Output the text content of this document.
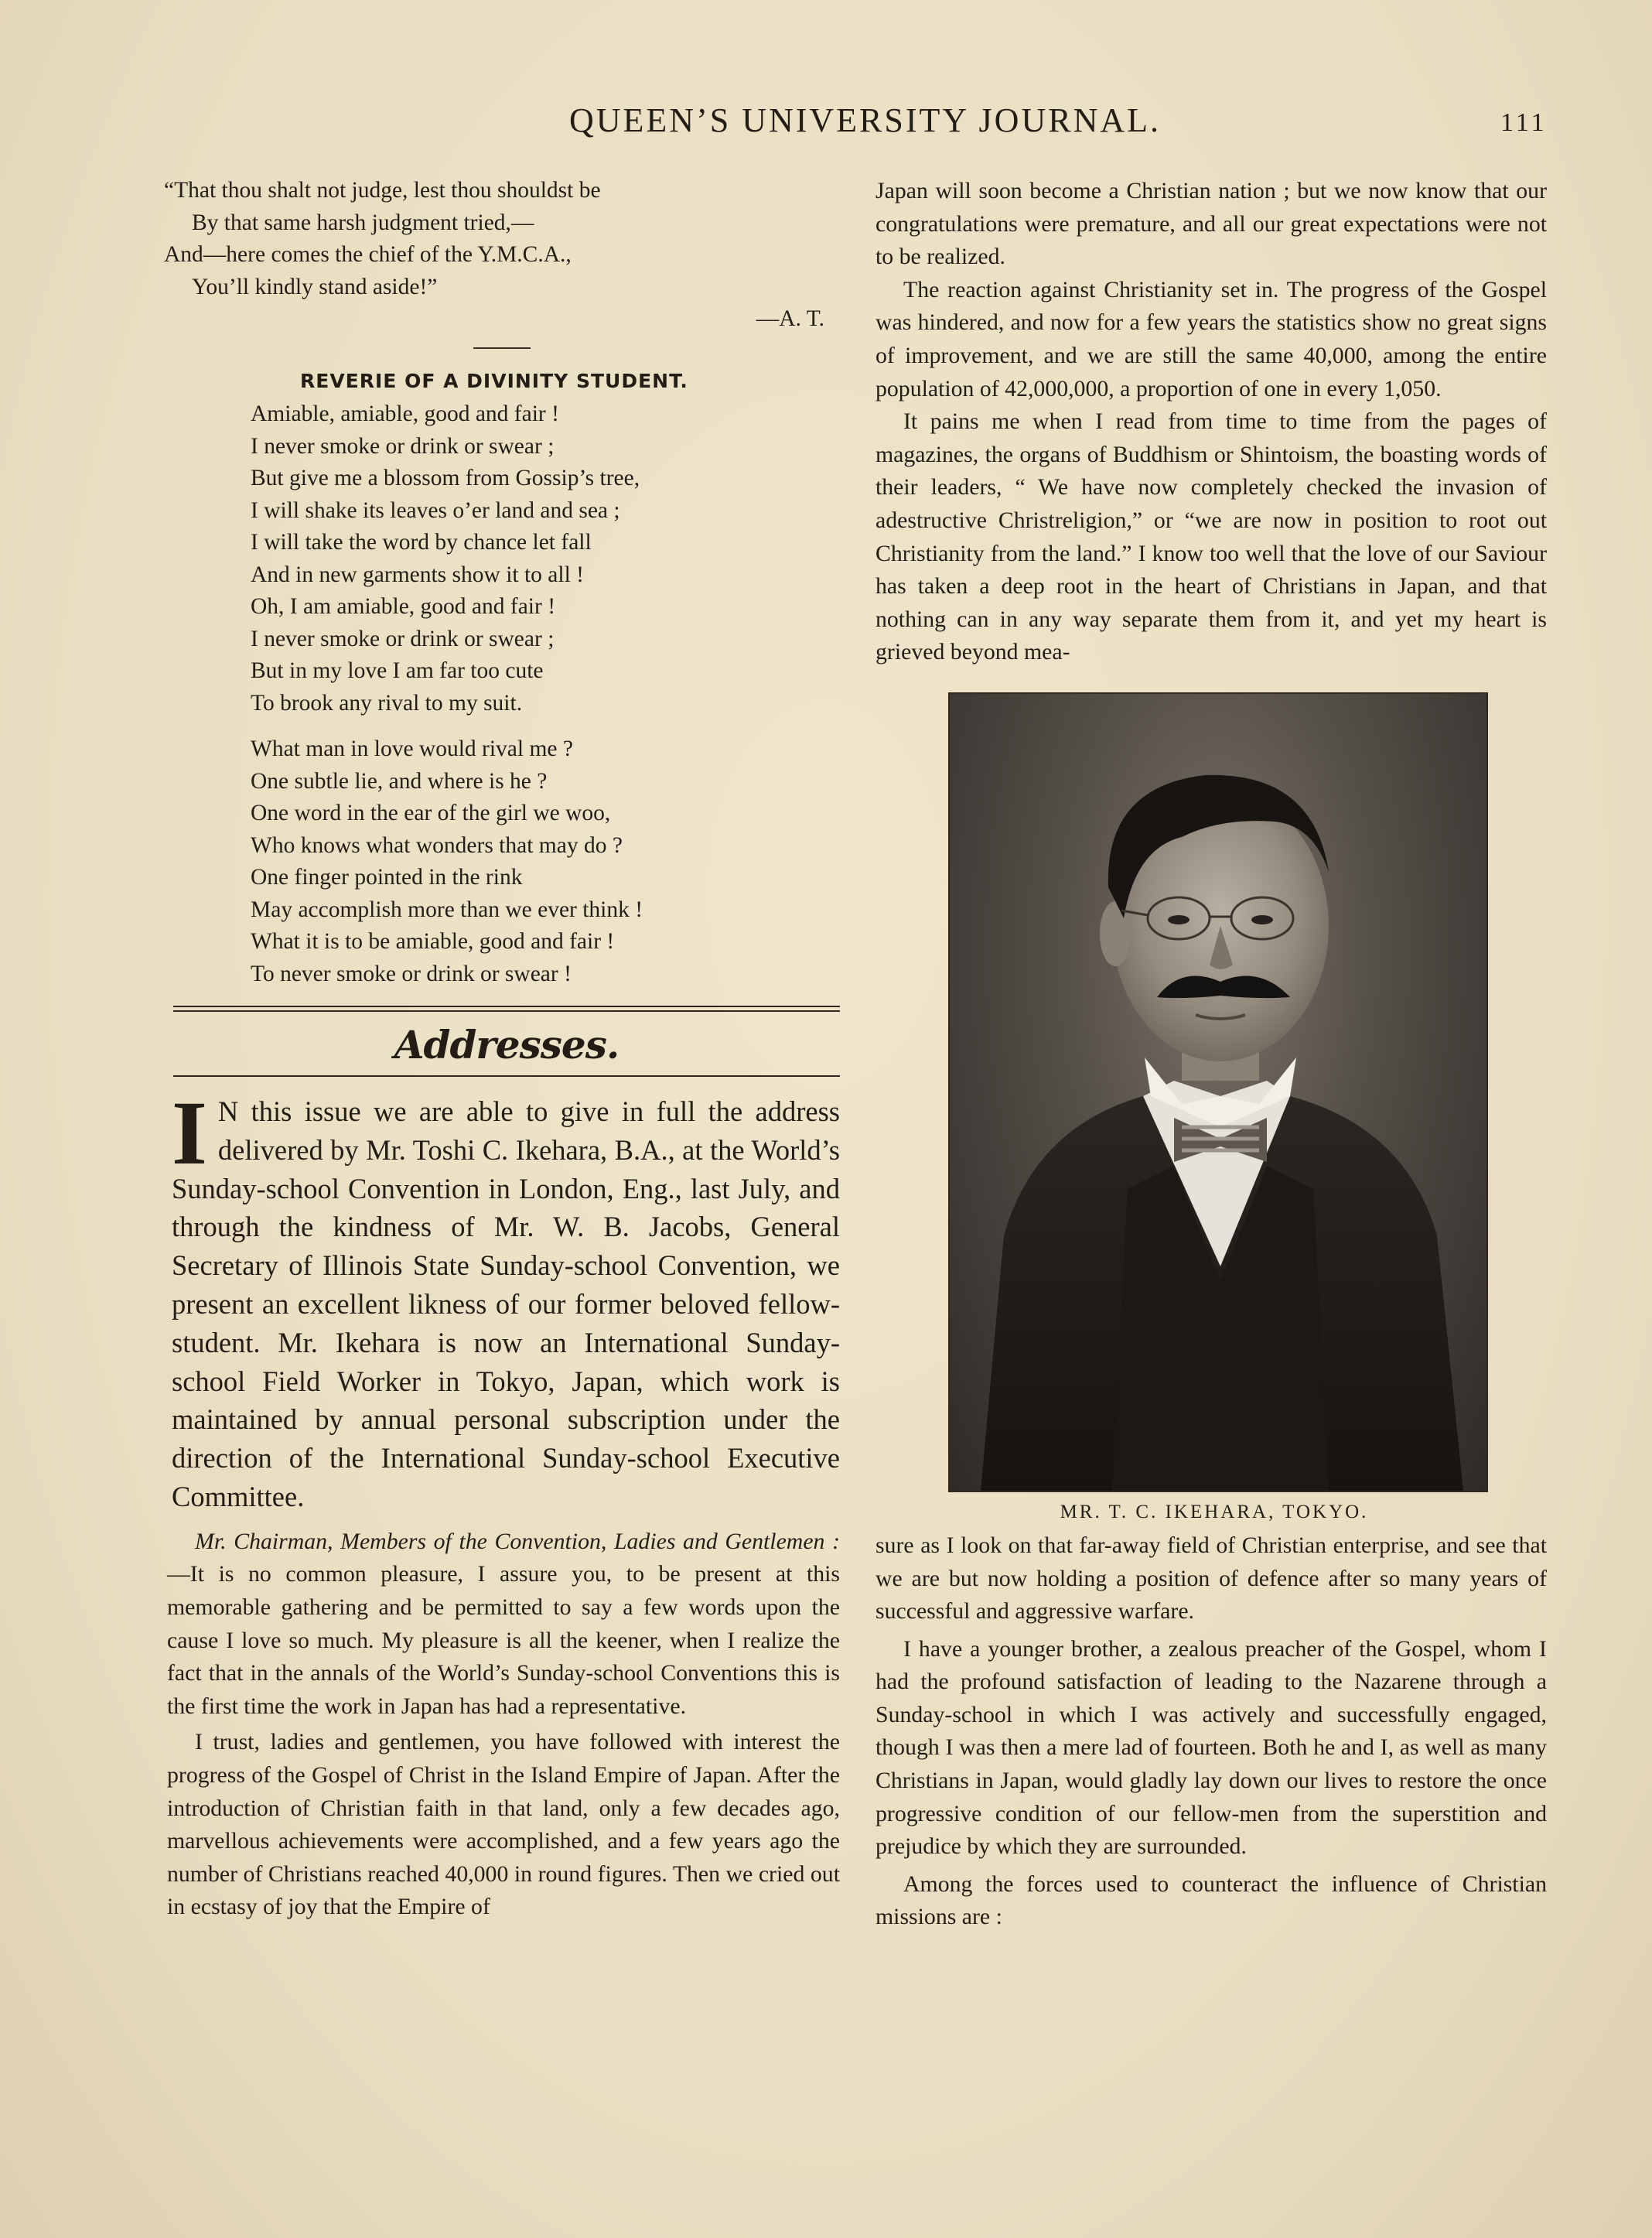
QUEEN’S UNIVERSITY JOURNAL.	111
“That thou shalt not judge, lest thou shouldst be
By that same harsh judgment tried,—
And—here comes the chief of the Y.M.C.A.,
You’ll kindly stand aside!”
—A. T.
REVERIE OF A DIVINITY STUDENT.
Amiable, amiable, good and fair !
I never smoke or drink or swear ;
But give me a blossom from Gossip’s tree,
I will shake its leaves o’er land and sea ;
I will take the word by chance let fall
And in new garments show it to all !
Oh, I am amiable, good and fair !
I never smoke or drink or swear ;
But in my love I am far too cute
To brook any rival to my suit.
What man in love would rival me ?
One subtle lie, and where is he ?
One word in the ear of the girl we woo,
Who knows what wonders that may do ?
One finger pointed in the rink
May accomplish more than we ever think !
What it is to be amiable, good and fair !
To never smoke or drink or swear !
Addresses.
I N this issue we are able to give in full the address delivered by Mr. Toshi C. Ikehara, B.A., at the World’s Sunday-school Convention in London, Eng., last July, and through the kindness of Mr. W. B. Jacobs, General Secretary of Illinois State Sunday-school Convention, we present an excellent likness of our former beloved fellow-student. Mr. Ikehara is now an International Sunday-school Field Worker in Tokyo, Japan, which work is maintained by annual personal subscription under the direction of the International Sunday-school Executive Committee.

Mr. Chairman, Members of the Convention, Ladies and Gentlemen :—It is no common pleasure, I assure you, to be present at this memorable gathering and be permitted to say a few words upon the cause I love so much. My pleasure is all the keener, when I realize the fact that in the annals of the World’s Sunday-school Conventions this is the first time the work in Japan has had a representative.

I trust, ladies and gentlemen, you have followed with interest the progress of the Gospel of Christ in the Island Empire of Japan. After the introduction of Christian faith in that land, only a few decades ago, marvellous achievements were accomplished, and a few years ago the number of Christians reached 40,000 in round figures. Then we cried out in ecstasy of joy that the Empire of

Japan will soon become a Christian nation ; but we now know that our congratulations were premature, and all our great expectations were not to be realized.

The reaction against Christianity set in. The progress of the Gospel was hindered, and now for a few years the statistics show no great signs of improvement, and we are still the same 40,000, among the entire population of 42,000,000, a proportion of one in every 1,050.

It pains me when I read from time to time from the pages of magazines, the organs of Buddhism or Shintoism, the boasting words of their leaders, “ We have now completely checked the invasion of adestructive Christreligion,” or “we are now in position to root out Christianity from the land.” I know too well that the love of our Saviour has taken a deep root in the heart of Christians in Japan, and that nothing can in any way separate them from it, and yet my heart is grieved beyond mea-

MR. T. C. IKEHARA, TOKYO.

sure as I look on that far-away field of Christian enterprise, and see that we are but now holding a position of defence after so many years of successful and aggressive warfare.

I have a younger brother, a zealous preacher of the Gospel, whom I had the profound satisfaction of leading to the Nazarene through a Sunday-school in which I was actively and successfully engaged, though I was then a mere lad of fourteen. Both he and I, as well as many Christians in Japan, would gladly lay down our lives to restore the once progressive condition of our fellow-men from the superstition and prejudice by which they are surrounded.

Among the forces used to counteract the influence of Christian missions are :
